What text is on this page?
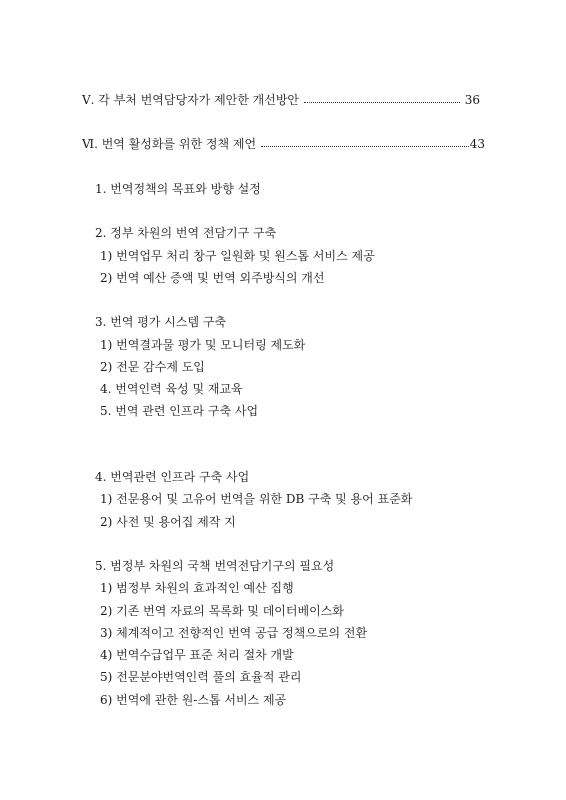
Ⅴ. 각 부처 번역담당자가 제안한 개선방안	36
Ⅵ. 번역 활성화를 위한 정책 제언	43
1. 번역정책의 목표와 방향 설정
2. 정부 차원의 번역 전담기구 구축
1) 번역업무 처리 창구 일원화 및 원스톱 서비스 제공
2) 번역 예산 증액 및 번역 외주방식의 개선
3. 번역 평가 시스템 구축
1) 번역결과물 평가 및 모니터링 제도화
2) 전문 감수제 도입
4. 번역인력 육성 및 재교육
5. 번역 관련 인프라 구축 사업
4. 번역관련 인프라 구축 사업
1) 전문용어 및 고유어 번역을 위한 DB 구축 및 용어 표준화
2) 사전 및 용어집 제작 지
5. 범정부 차원의 국책 번역전담기구의 필요성
1) 범정부 차원의 효과적인 예산 집행
2) 기존 번역 자료의 목록화 및 데이터베이스화
3) 체계적이고 전향적인 번역 공급 정책으로의 전환
4) 번역수급업무 표준 처리 절차 개발
5) 전문분야번역인력 풀의 효율적 관리
6) 번역에 관한 원-스톱 서비스 제공
